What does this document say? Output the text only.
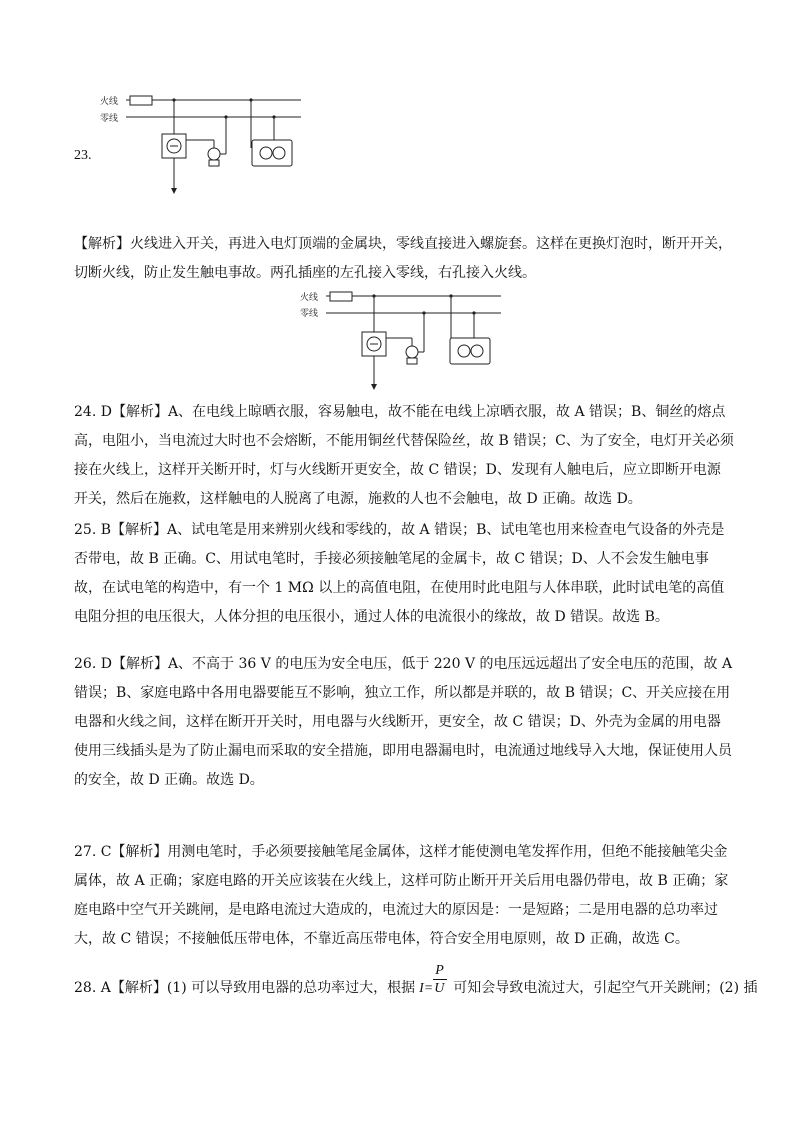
23.
火线
零线
【解析】火线进入开关，再进入电灯顶端的金属块，零线直接进入螺旋套。这样在更换灯泡时，断开开关，切断火线，防止发生触电事故。两孔插座的左孔接入零线，右孔接入火线。
火线
零线
24. D【解析】A、在电线上晾晒衣服，容易触电，故不能在电线上凉晒衣服，故 A 错误；B、铜丝的熔点高，电阻小，当电流过大时也不会熔断，不能用铜丝代替保险丝，故 B 错误；C、为了安全，电灯开关必须接在火线上，这样开关断开时，灯与火线断开更安全，故 C 错误；D、发现有人触电后，应立即断开电源开关，然后在施救，这样触电的人脱离了电源，施救的人也不会触电，故 D 正确。故选 D。
25. B【解析】A、试电笔是用来辨别火线和零线的，故 A 错误；B、试电笔也用来检查电气设备的外壳是否带电，故 B 正确。C、用试电笔时，手接必须接触笔尾的金属卡，故 C 错误；D、人不会发生触电事故，在试电笔的构造中，有一个 1 MΩ 以上的高值电阻，在使用时此电阻与人体串联，此时试电笔的高值电阻分担的电压很大，人体分担的电压很小，通过人体的电流很小的缘故，故 D 错误。故选 B。
26. D【解析】A、不高于 36 V 的电压为安全电压，低于 220 V 的电压远远超出了安全电压的范围，故 A 错误；B、家庭电路中各用电器要能互不影响，独立工作，所以都是并联的，故 B 错误；C、开关应接在用电器和火线之间，这样在断开开关时，用电器与火线断开，更安全，故 C 错误；D、外壳为金属的用电器使用三线插头是为了防止漏电而采取的安全措施，即用电器漏电时，电流通过地线导入大地，保证使用人员的安全，故 D 正确。故选 D。
27. C【解析】用测电笔时，手必须要接触笔尾金属体，这样才能使测电笔发挥作用，但绝不能接触笔尖金属体，故 A 正确；家庭电路的开关应该装在火线上，这样可防止断开开关后用电器仍带电，故 B 正确；家庭电路中空气开关跳闸，是电路电流过大造成的，电流过大的原因是：一是短路；二是用电器的总功率过大，故 C 错误；不接触低压带电体，不靠近高压带电体，符合安全用电原则，故 D 正确，故选 C。
28. A【解析】(1) 可以导致用电器的总功率过大，根据 I=
P
U 可知会导致电流过大，引起空气开关跳闸；(2) 插
